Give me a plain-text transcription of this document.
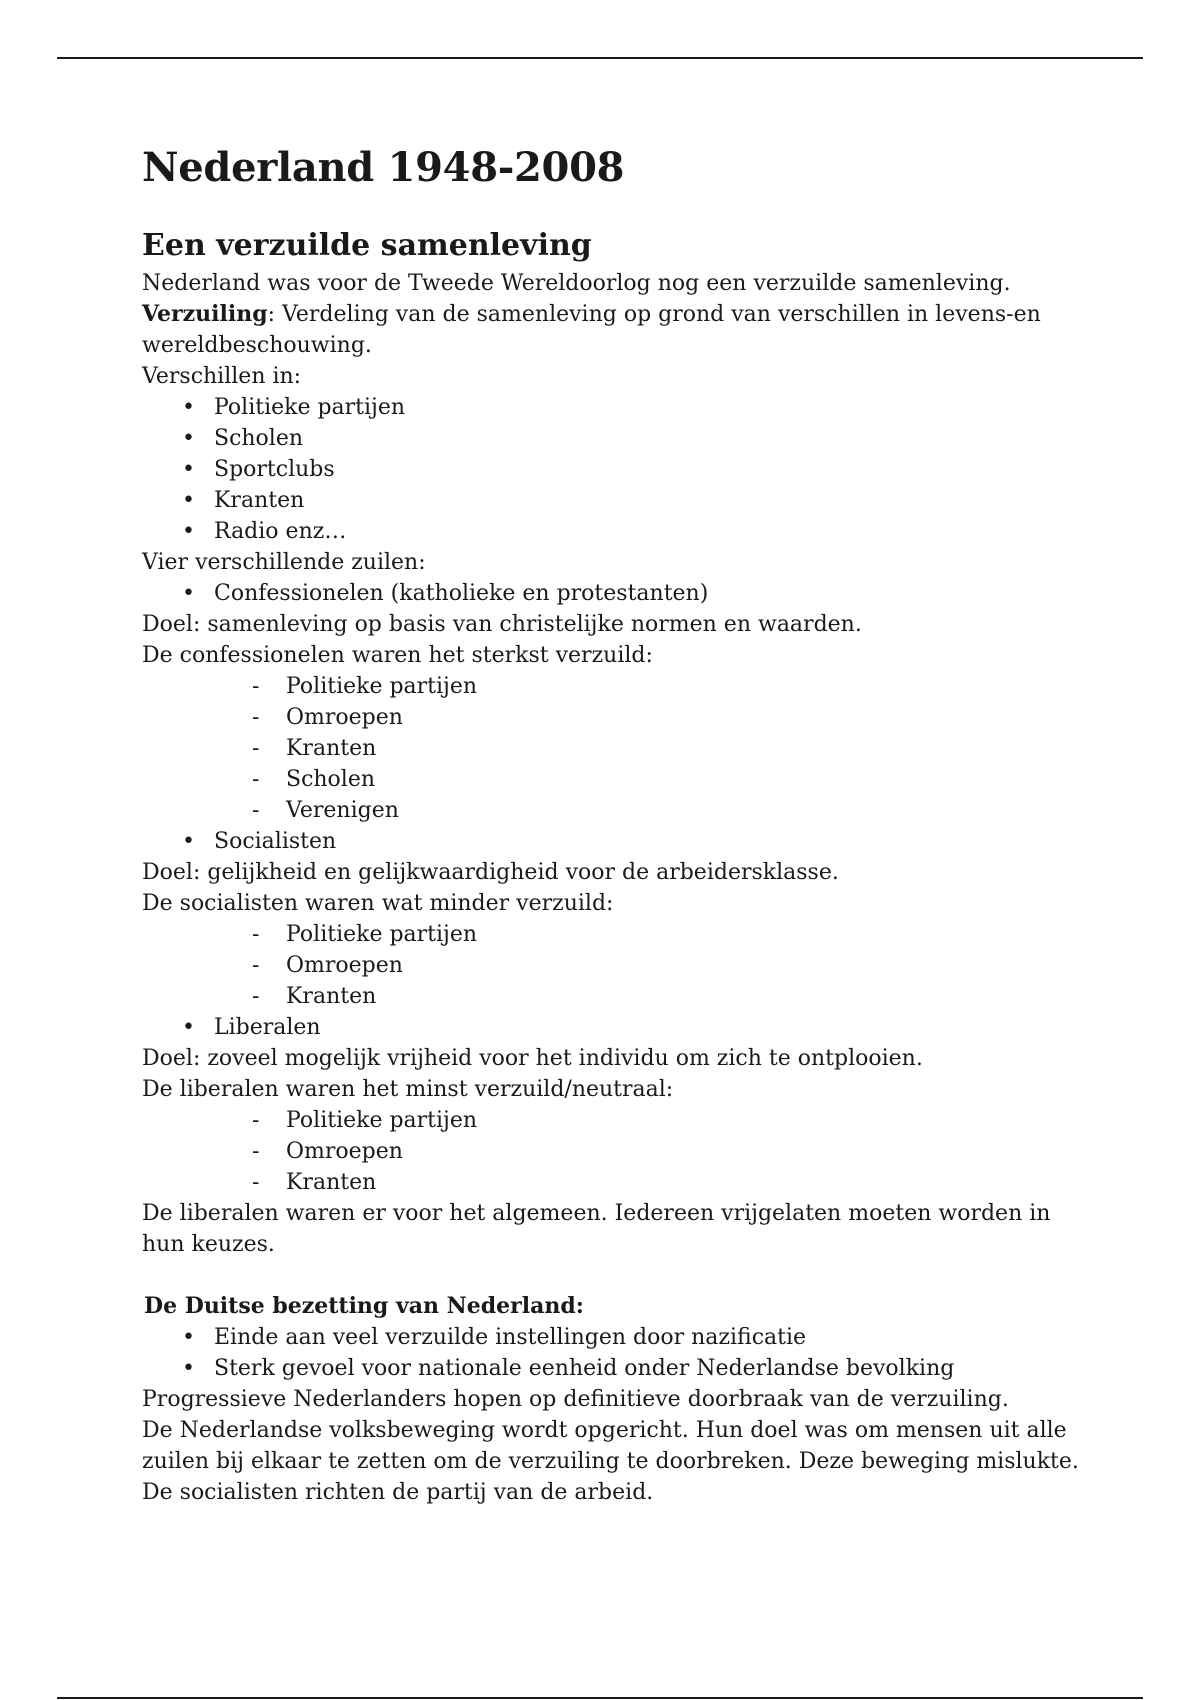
Nederland 1948-2008
Een verzuilde samenleving

Nederland was voor de Tweede Wereldoorlog nog een verzuilde samenleving.

Verzuiling: Verdeling van de samenleving op grond van verschillen in levens-en wereldbeschouwing.

Verschillen in:

• Politieke partijen
• Scholen
• Sportclubs
• Kranten
• Radio enz…

Vier verschillende zuilen:

• Confessionelen (katholieke en protestanten)

Doel: samenleving op basis van christelijke normen en waarden.

De confessionelen waren het sterkst verzuild:

- Politieke partijen
- Omroepen
- Kranten
- Scholen
- Verenigen
• Socialisten

Doel: gelijkheid en gelijkwaardigheid voor de arbeidersklasse.

De socialisten waren wat minder verzuild:

- Politieke partijen
- Omroepen
- Kranten
• Liberalen

Doel: zoveel mogelijk vrijheid voor het individu om zich te ontplooien.

De liberalen waren het minst verzuild/neutraal:

- Politieke partijen
- Omroepen
- Kranten

De liberalen waren er voor het algemeen. Iedereen vrijgelaten moeten worden in hun keuzes.

De Duitse bezetting van Nederland:

• Einde aan veel verzuilde instellingen door nazificatie
• Sterk gevoel voor nationale eenheid onder Nederlandse bevolking

Progressieve Nederlanders hopen op definitieve doorbraak van de verzuiling.

De Nederlandse volksbeweging wordt opgericht. Hun doel was om mensen uit alle zuilen bij elkaar te zetten om de verzuiling te doorbreken. Deze beweging mislukte. De socialisten richten de partij van de arbeid.
